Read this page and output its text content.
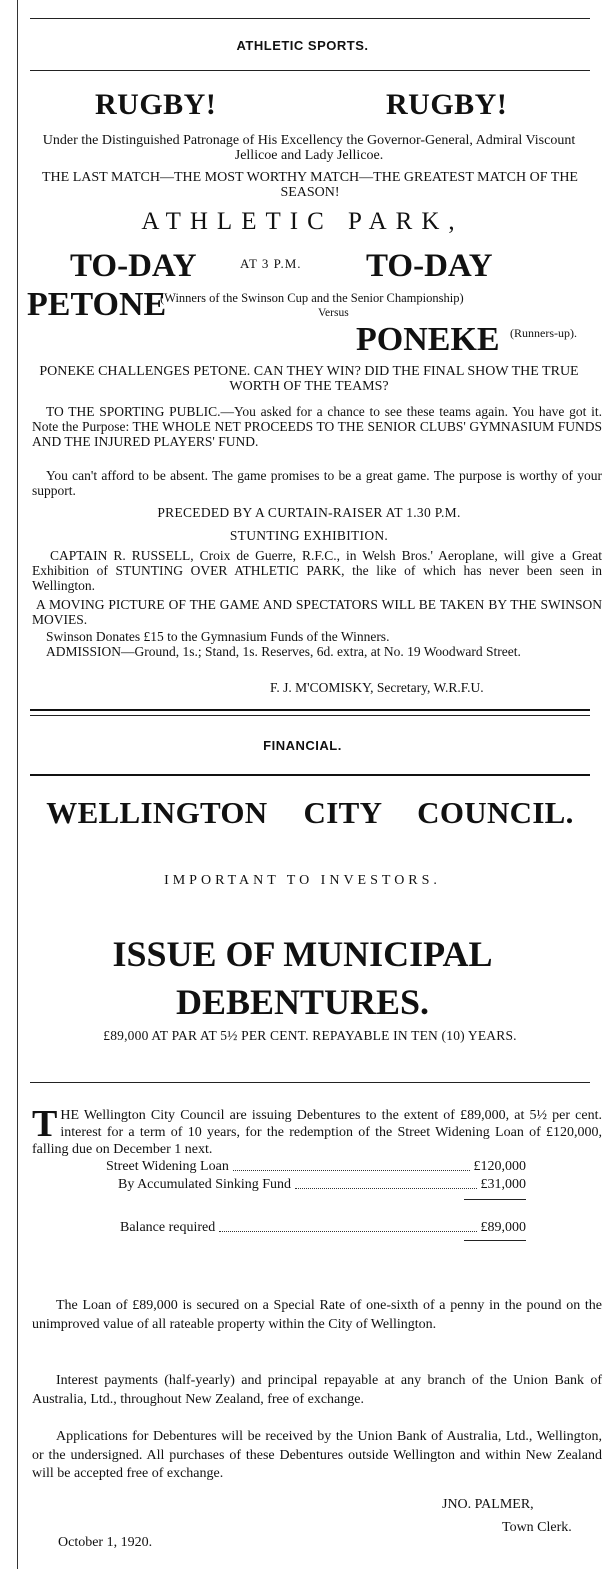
ATHLETIC SPORTS.
RUGBY!	RUGBY!
Under the Distinguished Patronage of His Excellency the Governor-General, Admiral Viscount Jellicoe and Lady Jellicoe.
THE LAST MATCH—THE MOST WORTHY MATCH—THE GREATEST MATCH OF THE SEASON!
ATHLETIC PARK,
TO-DAY	AT 3 P.M. TO-DAY
PETONE
(Winners of the Swinson Cup and the Senior Championship)
Versus
PONEKE (Runners-up).
PONEKE CHALLENGES PETONE. CAN THEY WIN? DID THE FINAL SHOW THE TRUE WORTH OF THE TEAMS?
TO THE SPORTING PUBLIC.—You asked for a chance to see these teams again. You have got it. Note the Purpose: THE WHOLE NET PROCEEDS TO THE SENIOR CLUBS' GYMNASIUM FUNDS AND THE INJURED PLAYERS' FUND.
You can't afford to be absent. The game promises to be a great game. The purpose is worthy of your support.
PRECEDED BY A CURTAIN-RAISER AT 1.30 P.M.
STUNTING EXHIBITION.
CAPTAIN R. RUSSELL, Croix de Guerre, R.F.C., in Welsh Bros.' Aeroplane, will give a Great Exhibition of STUNTING OVER ATHLETIC PARK, the like of which has never been seen in Wellington.
A MOVING PICTURE OF THE GAME AND SPECTATORS WILL BE TAKEN BY THE SWINSON MOVIES.
Swinson Donates £15 to the Gymnasium Funds of the Winners.
ADMISSION—Ground, 1s.; Stand, 1s. Reserves, 6d. extra, at No. 19 Woodward Street.
F. J. M'COMISKY, Secretary, W.R.F.U.
FINANCIAL.
WELLINGTON CITY COUNCIL.
IMPORTANT TO INVESTORS.
ISSUE OF MUNICIPAL
DEBENTURES.
£89,000 AT PAR AT 5½ PER CENT. REPAYABLE IN TEN (10) YEARS.
THE Wellington City Council are issuing Debentures to the extent of £89,000, at 5½ per cent. interest for a term of 10 years, for the redemption of the Street Widening Loan of £120,000, falling due on December 1 next.
Street Widening Loan	£120,000
By Accumulated Sinking Fund	£31,000
Balance required	£89,000
The Loan of £89,000 is secured on a Special Rate of one-sixth of a penny in the pound on the unimproved value of all rateable property within the City of Wellington.
Interest payments (half-yearly) and principal repayable at any branch of the Union Bank of Australia, Ltd., throughout New Zealand, free of exchange.
Applications for Debentures will be received by the Union Bank of Australia, Ltd., Wellington, or the undersigned. All purchases of these Debentures outside Wellington and within New Zealand will be accepted free of exchange.
JNO. PALMER,
Town Clerk.
October 1, 1920.
